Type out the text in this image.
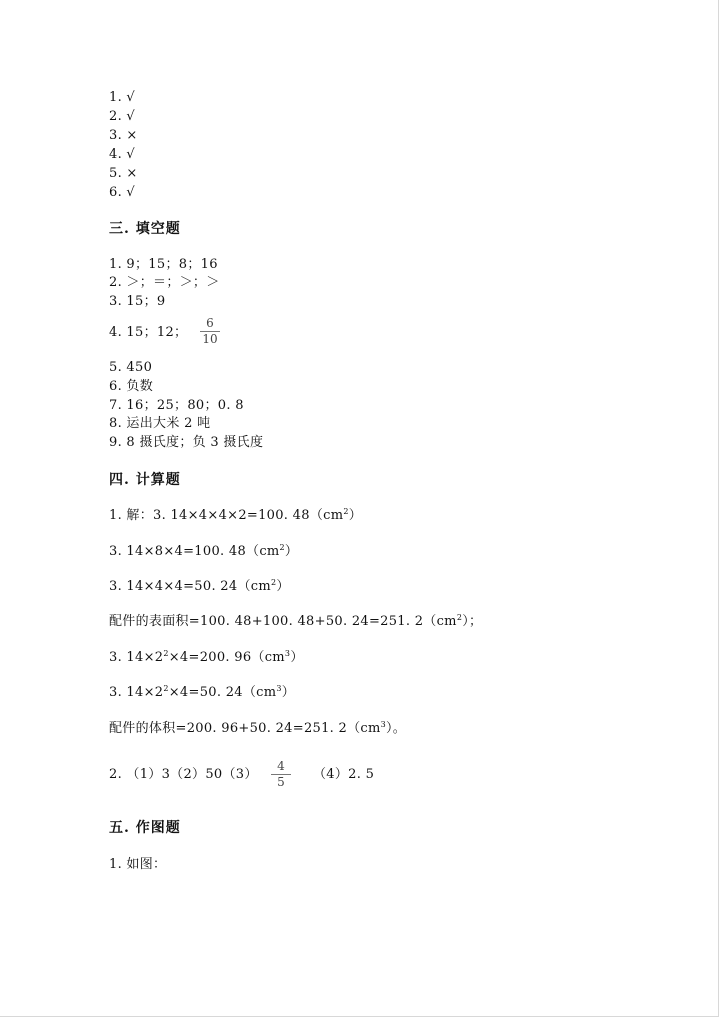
1. √
2. √
3. ×
4. √
5. ×
6. √
三. 填空题
1. 9；15；8；16
2. ＞；＝；＞；＞
3. 15；9
4. 15；12；
6
10
5. 450
6. 负数
7. 16；25；80；0. 8
8. 运出大米 2 吨
9. 8 摄氏度；负 3 摄氏度
四. 计算题
1. 解：3. 14×4×4×2=100. $48(cm^2)$
3. 14×8×4=100. $48(cm^2)$
3. 14×4×4=50. $24(cm^2)$
配件的表面积=100. 48+100. 48+50. 24=251. $2(cm^2)$；
3. $14\times 2^2\times 4=200$. $96(cm^3)$
3. $14\times 2^2\times 4=50$. $24(cm^3)$
配件的体积=200. 96+50. 24=251. $2(cm^3)$。
2. （1）3（2）50（3）
4
5	（4）2. 5
五. 作图题
1. 如图：
